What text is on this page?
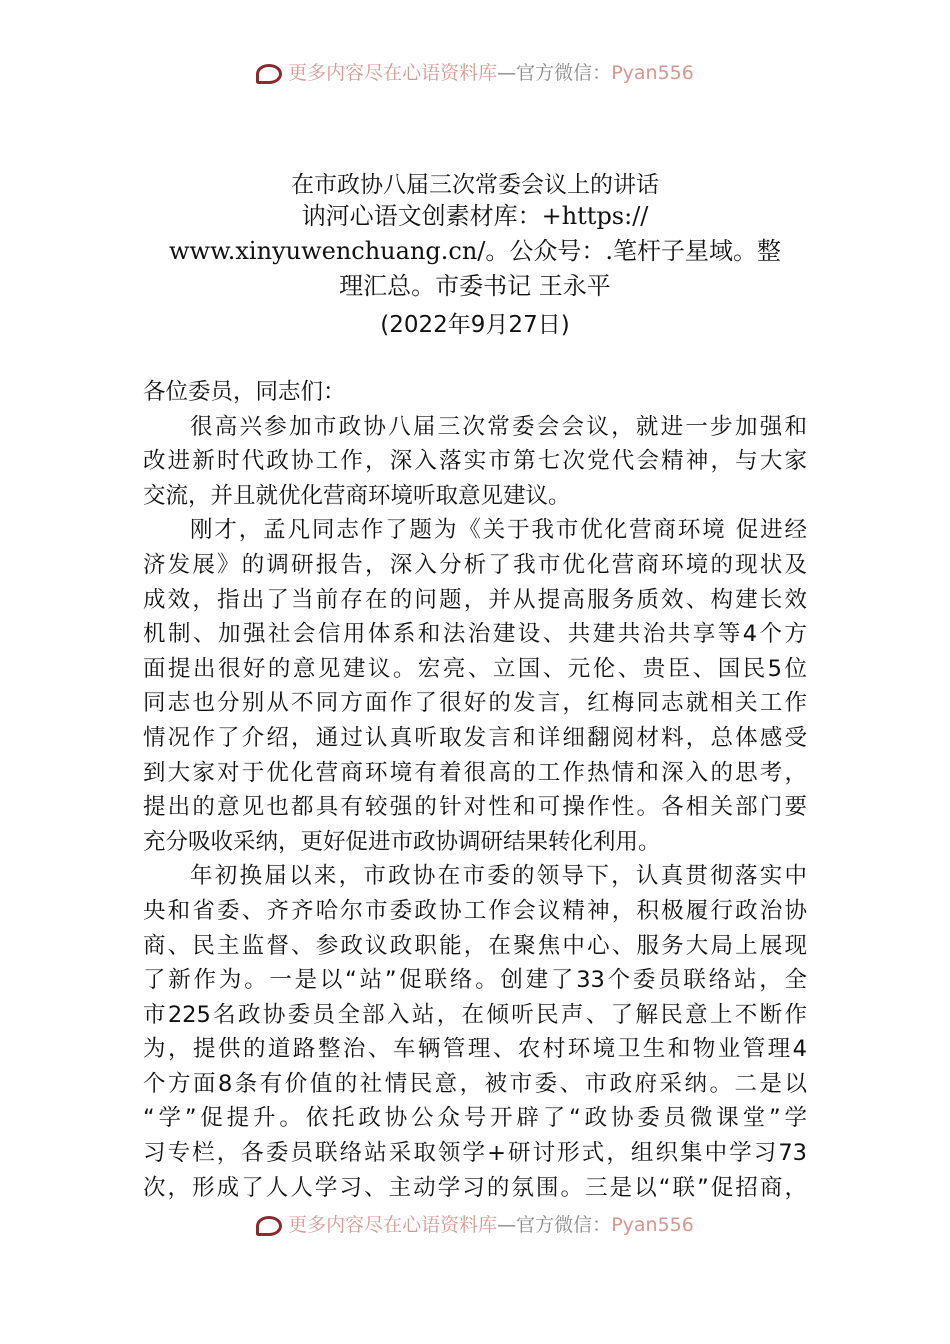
更多内容尽在心语资料库—官方微信：Pyan556
在市政协八届三次常委会议上的讲话
讷河心语文创素材库：+https://
www.xinyuwenchuang.cn/。公众号：.笔杆子星域。整
理汇总。市委书记 王永平
(2022年9月27日)
各位委员，同志们：
很高兴参加市政协八届三次常委会会议，就进一步加强和
改进新时代政协工作，深入落实市第七次党代会精神，与大家
交流，并且就优化营商环境听取意见建议。
刚才，孟凡同志作了题为《关于我市优化营商环境 促进经
济发展》的调研报告，深入分析了我市优化营商环境的现状及
成效，指出了当前存在的问题，并从提高服务质效、构建长效
机制、加强社会信用体系和法治建设、共建共治共享等4个方
面提出很好的意见建议。宏亮、立国、元伦、贵臣、国民5位
同志也分别从不同方面作了很好的发言，红梅同志就相关工作
情况作了介绍，通过认真听取发言和详细翻阅材料，总体感受
到大家对于优化营商环境有着很高的工作热情和深入的思考，
提出的意见也都具有较强的针对性和可操作性。各相关部门要
充分吸收采纳，更好促进市政协调研结果转化利用。
年初换届以来，市政协在市委的领导下，认真贯彻落实中
央和省委、齐齐哈尔市委政协工作会议精神，积极履行政治协
商、民主监督、参政议政职能，在聚焦中心、服务大局上展现
了新作为。一是以“站”促联络。创建了33个委员联络站，全
市225名政协委员全部入站，在倾听民声、了解民意上不断作
为，提供的道路整治、车辆管理、农村环境卫生和物业管理4
个方面8条有价值的社情民意，被市委、市政府采纳。二是以
“学”促提升。依托政协公众号开辟了“政协委员微课堂”学
习专栏，各委员联络站采取领学+研讨形式，组织集中学习73
次，形成了人人学习、主动学习的氛围。三是以“联”促招商，
更多内容尽在心语资料库—官方微信：Pyan556
